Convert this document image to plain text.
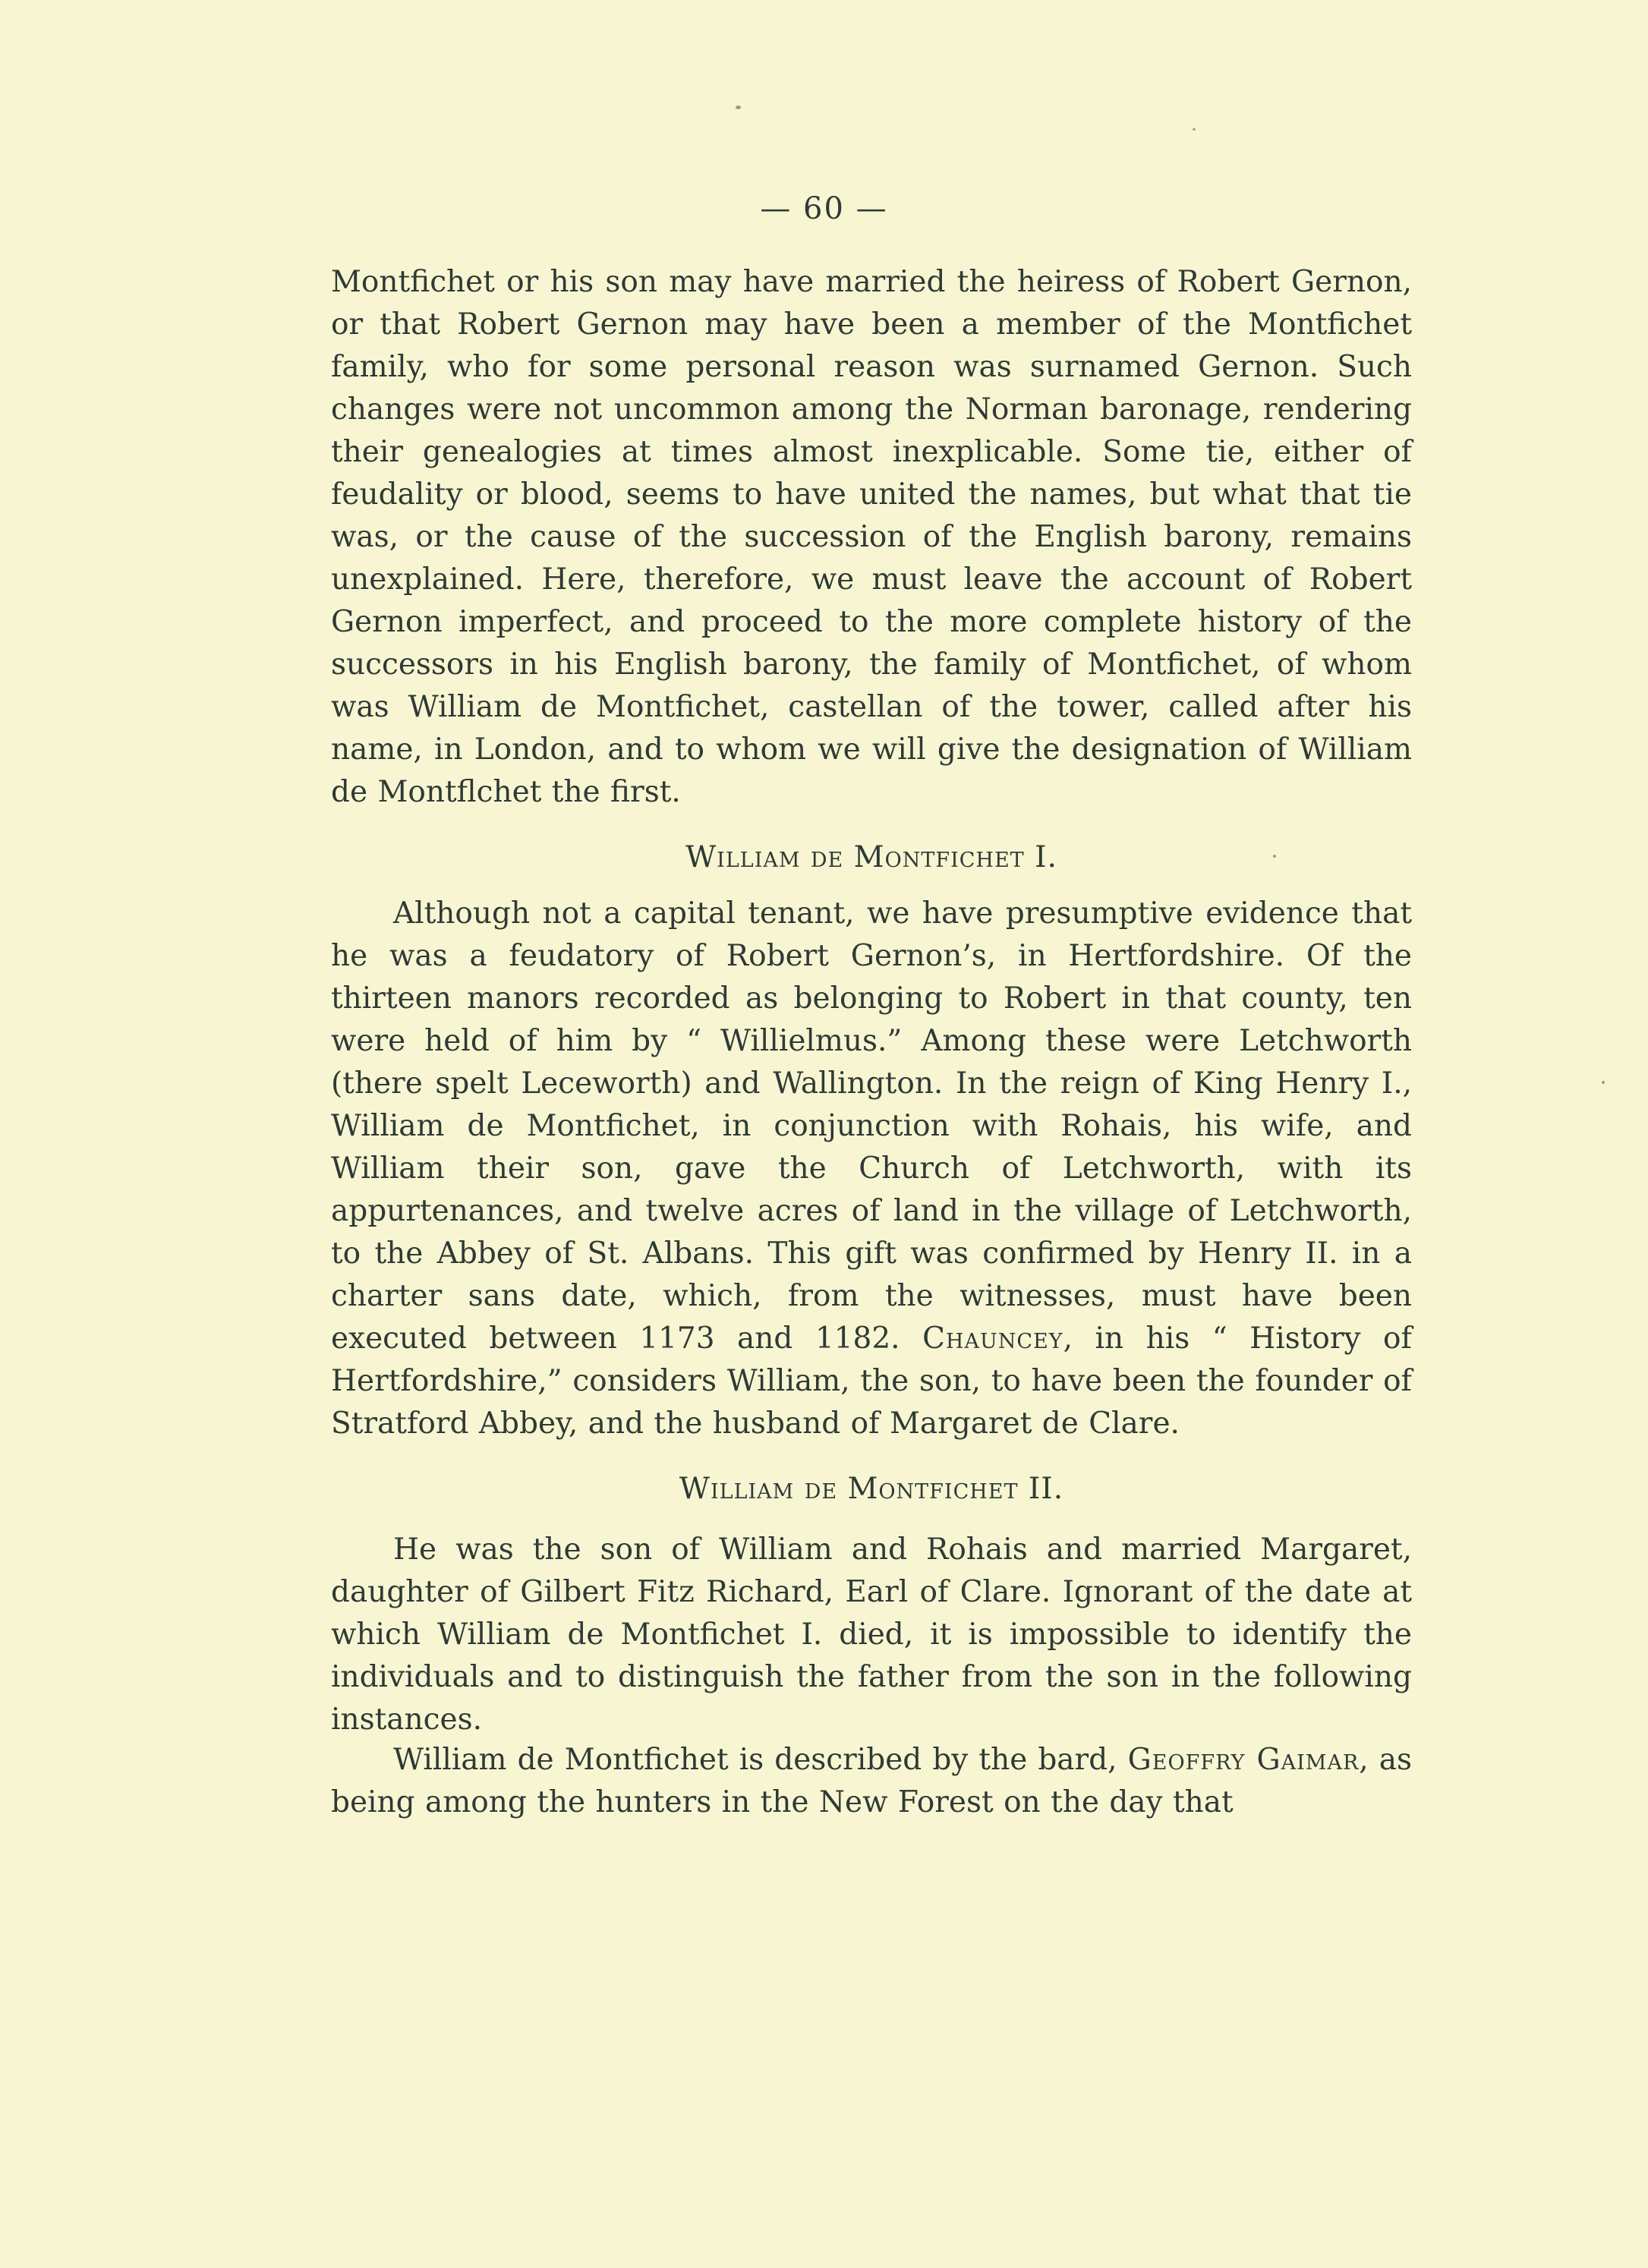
— 60 —

Montfichet or his son may have married the heiress of Robert Gernon, or that Robert Gernon may have been a member of the Montfichet family, who for some personal reason was surnamed Gernon. Such changes were not uncommon among the Norman baronage, rendering their genealogies at times almost inexplicable. Some tie, either of feudality or blood, seems to have united the names, but what that tie was, or the cause of the succession of the English barony, remains unexplained. Here, therefore, we must leave the account of Robert Gernon imperfect, and proceed to the more complete history of the successors in his English barony, the family of Montfichet, of whom was William de Montfichet, castellan of the tower, called after his name, in London, and to whom we will give the designation of William de Montflchet the first.

William de Montfichet I.

Although not a capital tenant, we have presumptive evidence that he was a feudatory of Robert Gernon’s, in Hertfordshire. Of the thirteen manors recorded as belonging to Robert in that county, ten were held of him by “ Willielmus.” Among these were Letchworth (there spelt Leceworth) and Wallington. In the reign of King Henry I., William de Montfichet, in conjunction with Rohais, his wife, and William their son, gave the Church of Letchworth, with its appurtenances, and twelve acres of land in the village of Letchworth, to the Abbey of St. Albans. This gift was confirmed by Henry II. in a charter sans date, which, from the witnesses, must have been executed between 1173 and 1182. Chauncey, in his “ History of Hertfordshire,” considers William, the son, to have been the founder of Stratford Abbey, and the husband of Margaret de Clare.

William de Montfichet II.

He was the son of William and Rohais and married Margaret, daughter of Gilbert Fitz Richard, Earl of Clare. Ignorant of the date at which William de Montfichet I. died, it is impossible to identify the individuals and to distinguish the father from the son in the following instances.

William de Montfichet is described by the bard, Geoffry Gaimar, as being among the hunters in the New Forest on the day that
